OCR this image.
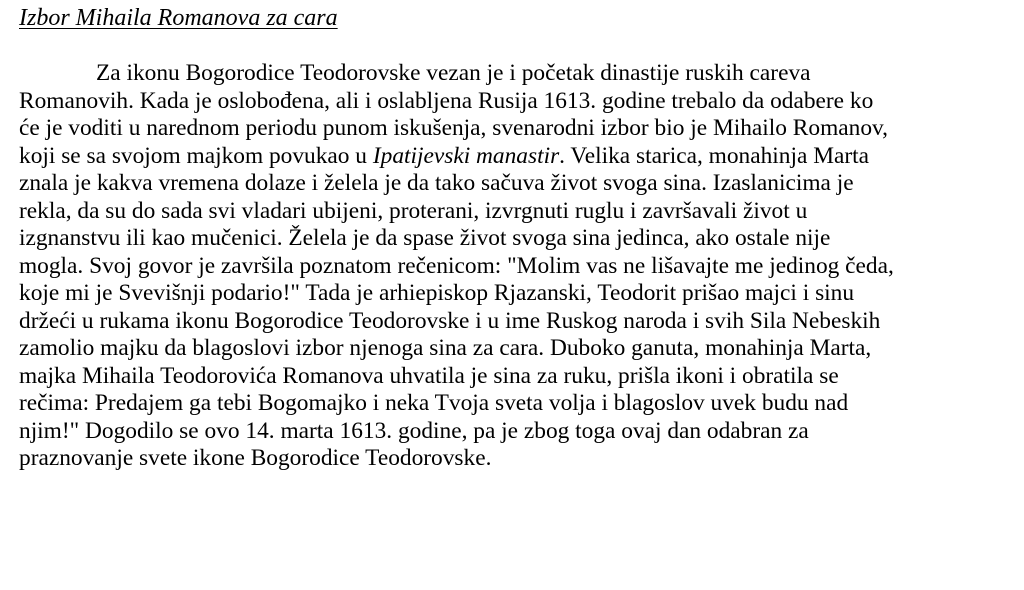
Izbor Mihaila Romanova za cara
Za ikonu Bogorodice Teodorovske vezan je i početak dinastije ruskih careva
Romanovih. Kada je oslobođena, ali i oslabljena Rusija 1613. godine trebalo da odabere ko
će je voditi u narednom periodu punom iskušenja, svenarodni izbor bio je Mihailo Romanov,
koji se sa svojom majkom povukao u Ipatijevski manastir. Velika starica, monahinja Marta
znala je kakva vremena dolaze i želela je da tako sačuva život svoga sina. Izaslanicima je
rekla, da su do sada svi vladari ubijeni, proterani, izvrgnuti ruglu i završavali život u
izgnanstvu ili kao mučenici. Želela je da spase život svoga sina jedinca, ako ostale nije
mogla. Svoj govor je završila poznatom rečenicom: "Molim vas ne lišavajte me jedinog čeda,
koje mi je Svevišnji podario!" Tada je arhiepiskop Rjazanski, Teodorit prišao majci i sinu
držeći u rukama ikonu Bogorodice Teodorovske i u ime Ruskog naroda i svih Sila Nebeskih
zamolio majku da blagoslovi izbor njenoga sina za cara. Duboko ganuta, monahinja Marta,
majka Mihaila Teodorovića Romanova uhvatila je sina za ruku, prišla ikoni i obratila se
rečima: Predajem ga tebi Bogomajko i neka Tvoja sveta volja i blagoslov uvek budu nad
njim!" Dogodilo se ovo 14. marta 1613. godine, pa je zbog toga ovaj dan odabran za
praznovanje svete ikone Bogorodice Teodorovske.
